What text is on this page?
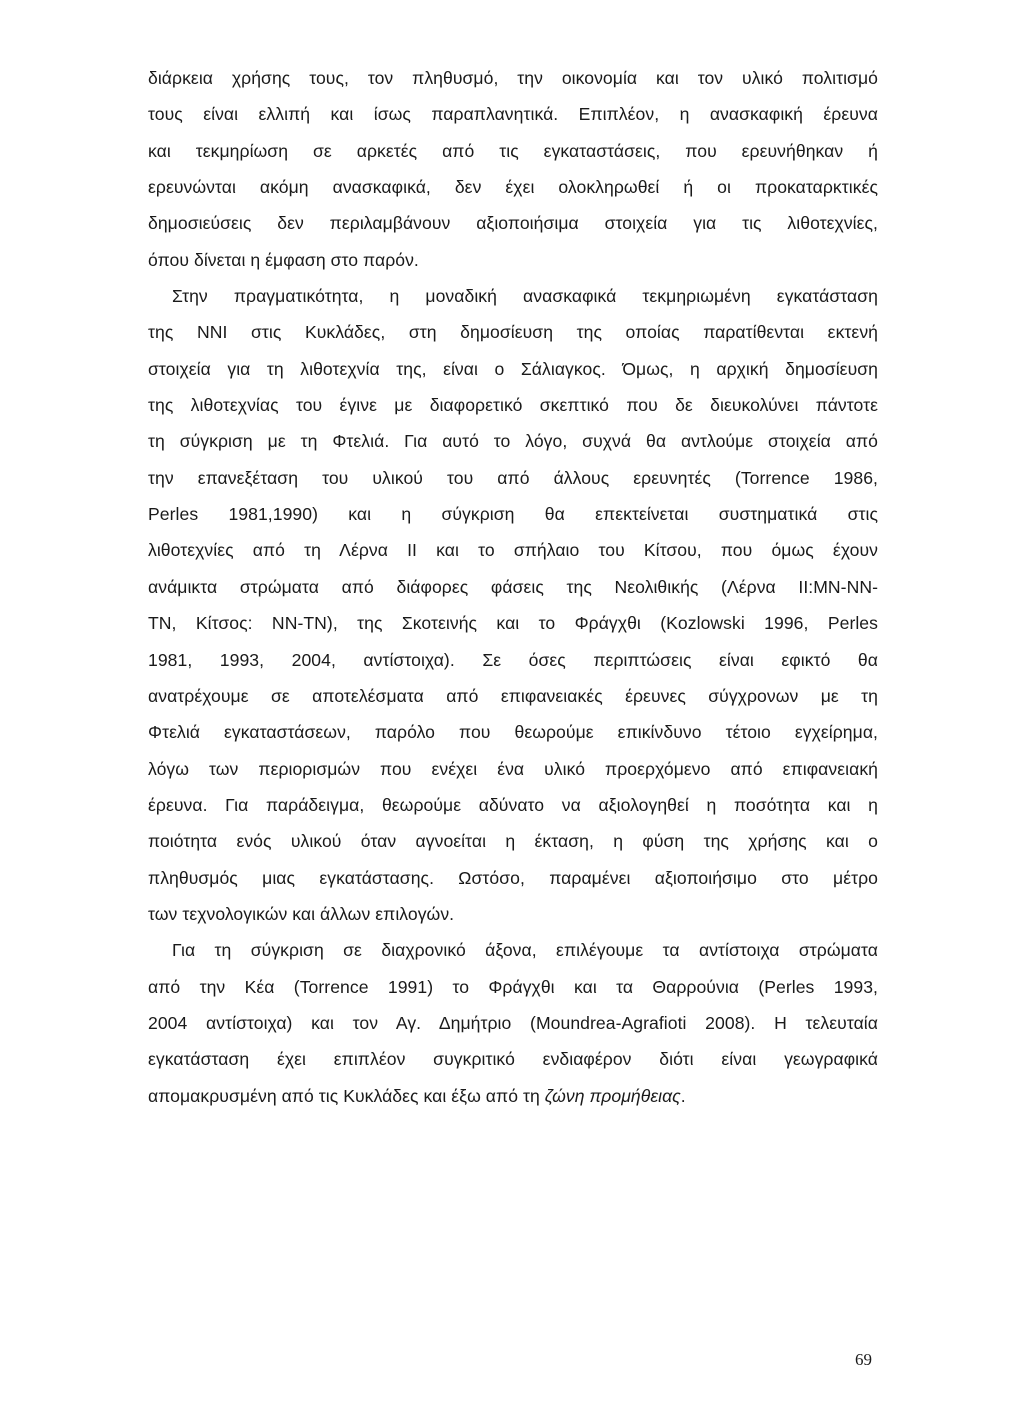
διάρκεια χρήσης τους, τον πληθυσμό, την οικονομία και τον υλικό πολιτισμό
τους είναι ελλιπή και ίσως παραπλανητικά. Επιπλέον, η ανασκαφική έρευνα
και τεκμηρίωση σε αρκετές από τις εγκαταστάσεις, που ερευνήθηκαν ή
ερευνώνται ακόμη ανασκαφικά, δεν έχει ολοκληρωθεί ή οι προκαταρκτικές
δημοσιεύσεις δεν περιλαμβάνουν αξιοποιήσιμα στοιχεία για τις λιθοτεχνίες,
όπου δίνεται η έμφαση στο παρόν.
Στην πραγματικότητα, η μοναδική ανασκαφικά τεκμηριωμένη εγκατάσταση
της ΝΝΙ στις Κυκλάδες, στη δημοσίευση της οποίας παρατίθενται εκτενή
στοιχεία για τη λιθοτεχνία της, είναι ο Σάλιαγκος. Όμως, η αρχική δημοσίευση
της λιθοτεχνίας του έγινε με διαφορετικό σκεπτικό που δε διευκολύνει πάντοτε
τη σύγκριση με τη Φτελιά. Για αυτό το λόγο, συχνά θα αντλούμε στοιχεία από
την επανεξέταση του υλικού του από άλλους ερευνητές (Torrence 1986,
Perles 1981,1990) και η σύγκριση θα επεκτείνεται συστηματικά στις
λιθοτεχνίες από τη Λέρνα ΙΙ και το σπήλαιο του Κίτσου, που όμως έχουν
ανάμικτα στρώματα από διάφορες φάσεις της Νεολιθικής (Λέρνα ΙΙ:ΜΝ-ΝΝ-
ΤΝ, Κίτσος: ΝΝ-ΤΝ), της Σκοτεινής και το Φράγχθι (Kozlowski 1996, Perles
1981, 1993, 2004, αντίστοιχα). Σε όσες περιπτώσεις είναι εφικτό θα
ανατρέχουμε σε αποτελέσματα από επιφανειακές έρευνες σύγχρονων με τη
Φτελιά εγκαταστάσεων, παρόλο που θεωρούμε επικίνδυνο τέτοιο εγχείρημα,
λόγω των περιορισμών που ενέχει ένα υλικό προερχόμενο από επιφανειακή
έρευνα. Για παράδειγμα, θεωρούμε αδύνατο να αξιολογηθεί η ποσότητα και η
ποιότητα ενός υλικού όταν αγνοείται η έκταση, η φύση της χρήσης και ο
πληθυσμός μιας εγκατάστασης. Ωστόσο, παραμένει αξιοποιήσιμο στο μέτρο
των τεχνολογικών και άλλων επιλογών.
Για τη σύγκριση σε διαχρονικό άξονα, επιλέγουμε τα αντίστοιχα στρώματα
από την Κέα (Torrence 1991) το Φράγχθι και τα Θαρρούνια (Perles 1993,
2004 αντίστοιχα) και τον Αγ. Δημήτριο (Moundrea-Agrafioti 2008). Η τελευταία
εγκατάσταση έχει επιπλέον συγκριτικό ενδιαφέρον διότι είναι γεωγραφικά
απομακρυσμένη από τις Κυκλάδες και έξω από τη ζώνη προμήθειας.
69
